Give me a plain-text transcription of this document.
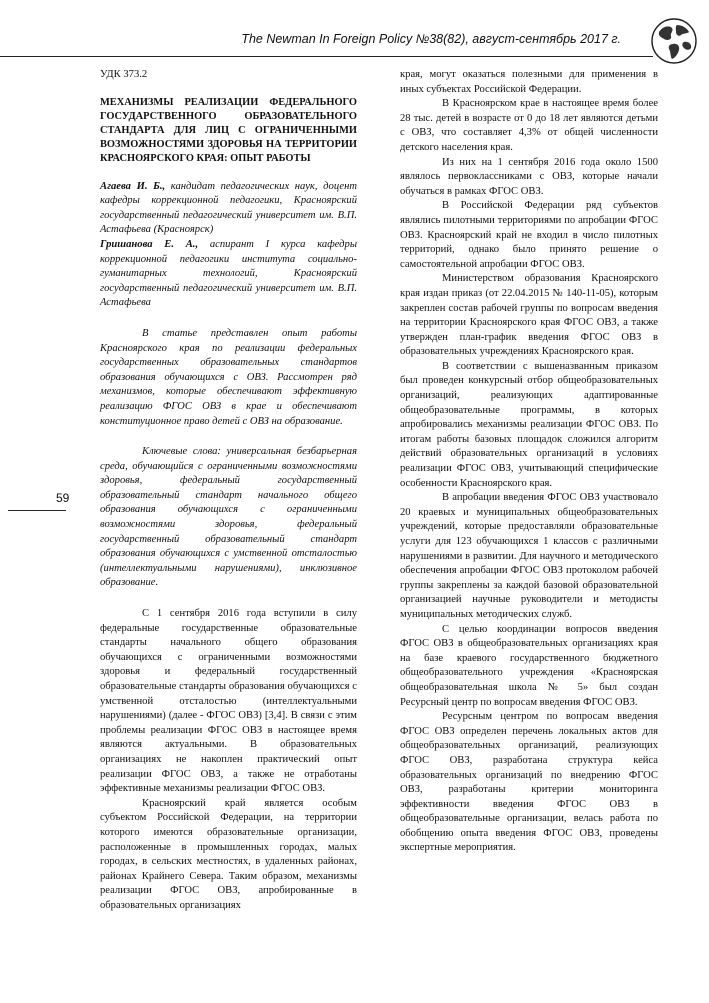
The Newman In Foreign Policy №38(82), август-сентябрь 2017 г.
59

УДК 373.2

МЕХАНИЗМЫ РЕАЛИЗАЦИИ ФЕДЕРАЛЬНОГО ГОСУДАРСТВЕННОГО ОБРАЗОВАТЕЛЬНОГО СТАНДАРТА ДЛЯ ЛИЦ С ОГРАНИЧЕННЫМИ ВОЗМОЖНОСТЯМИ ЗДОРОВЬЯ НА ТЕРРИТОРИИ КРАСНОЯРСКОГО КРАЯ: ОПЫТ РАБОТЫ

Агаева И. Б., кандидат педагогических наук, доцент кафедры коррекционной педагогики, Красноярский государственный педагогический университет им. В.П. Астафьева (Красноярск)
Гришанова Е. А., аспирант I курса кафедры коррекционной педагогики института социально-гуманитарных технологий, Красноярский государственный педагогический университет им. В.П. Астафьева

В статье представлен опыт работы Красноярского края по реализации федеральных государственных образовательных стандартов образования обучающихся с ОВЗ. Рассмотрен ряд механизмов, которые обеспечивают эффективную реализацию ФГОС ОВЗ в крае и обеспечивают конституционное право детей с ОВЗ на образование.

Ключевые слова: универсальная безбарьерная среда, обучающийся с ограниченными возможностями здоровья, федеральный государственный образовательный стандарт начального общего образования обучающихся с ограниченными возможностями здоровья, федеральный государственный образовательный стандарт образования обучающихся с умственной отсталостью (интеллектуальными нарушениями), инклюзивное образование.

С 1 сентября 2016 года вступили в силу федеральные государственные образовательные стандарты начального общего образования обучающихся с ограниченными возможностями здоровья и федеральный государственный образовательные стандарты образования обучающихся с умственной отсталостью (интеллектуальными нарушениями) (далее - ФГОС ОВЗ) [3,4]. В связи с этим проблемы реализации ФГОС ОВЗ в настоящее время являются актуальными. В образовательных организациях не накоплен практический опыт реализации ФГОС ОВЗ, а также не отработаны эффективные механизмы реализации ФГОС ОВЗ.

Красноярский край является особым субъектом Российской Федерации, на территории которого имеются образовательные организации, расположенные в промышленных городах, малых городах, в сельских местностях, в удаленных районах, районах Крайнего Севера. Таким образом, механизмы реализации ФГОС ОВЗ, апробированные в образовательных организациях

края, могут оказаться полезными для применения в иных субъектах Российской Федерации.

В Красноярском крае в настоящее время более 28 тыс. детей в возрасте от 0 до 18 лет являются детьми с ОВЗ, что составляет 4,3% от общей численности детского населения края.

Из них на 1 сентября 2016 года около 1500 являлось первоклассниками с ОВЗ, которые начали обучаться в рамках ФГОС ОВЗ.

В Российской Федерации ряд субъектов являлись пилотными территориями по апробации ФГОС ОВЗ. Красноярский край не входил в число пилотных территорий, однако было принято решение о самостоятельной апробации ФГОС ОВЗ.

Министерством образования Красноярского края издан приказ (от 22.04.2015 № 140-11-05), которым закреплен состав рабочей группы по вопросам введения на территории Красноярского края ФГОС ОВЗ, а также утвержден план-график введения ФГОС ОВЗ в образовательных учреждениях Красноярского края.

В соответствии с вышеназванным приказом был проведен конкурсный отбор общеобразовательных организаций, реализующих адаптированные общеобразовательные программы, в которых апробировались механизмы реализации ФГОС ОВЗ. По итогам работы базовых площадок сложился алгоритм действий образовательных организаций в условиях реализации ФГОС ОВЗ, учитывающий специфические особенности Красноярского края.

В апробации введения ФГОС ОВЗ участвовало 20 краевых и муниципальных общеобразовательных учреждений, которые предоставляли образовательные услуги для 123 обучающихся 1 классов с различными нарушениями в развитии. Для научного и методического обеспечения апробации ФГОС ОВЗ протоколом рабочей группы закреплены за каждой базовой образовательной организацией научные руководители и методисты муниципальных методических служб.

С целью координации вопросов введения ФГОС ОВЗ в общеобразовательных организациях края на базе краевого государственного бюджетного общеобразовательного учреждения «Красноярская общеобразовательная школа № 5» был создан Ресурсный центр по вопросам введения ФГОС ОВЗ.

Ресурсным центром по вопросам введения ФГОС ОВЗ определен перечень локальных актов для общеобразовательных организаций, реализующих ФГОС ОВЗ, разработана структура кейса образовательных организаций по внедрению ФГОС ОВЗ, разработаны критерии мониторинга эффективности введения ФГОС ОВЗ в общеобразовательные организации, велась работа по обобщению опыта введения ФГОС ОВЗ, проведены экспертные мероприятия.
